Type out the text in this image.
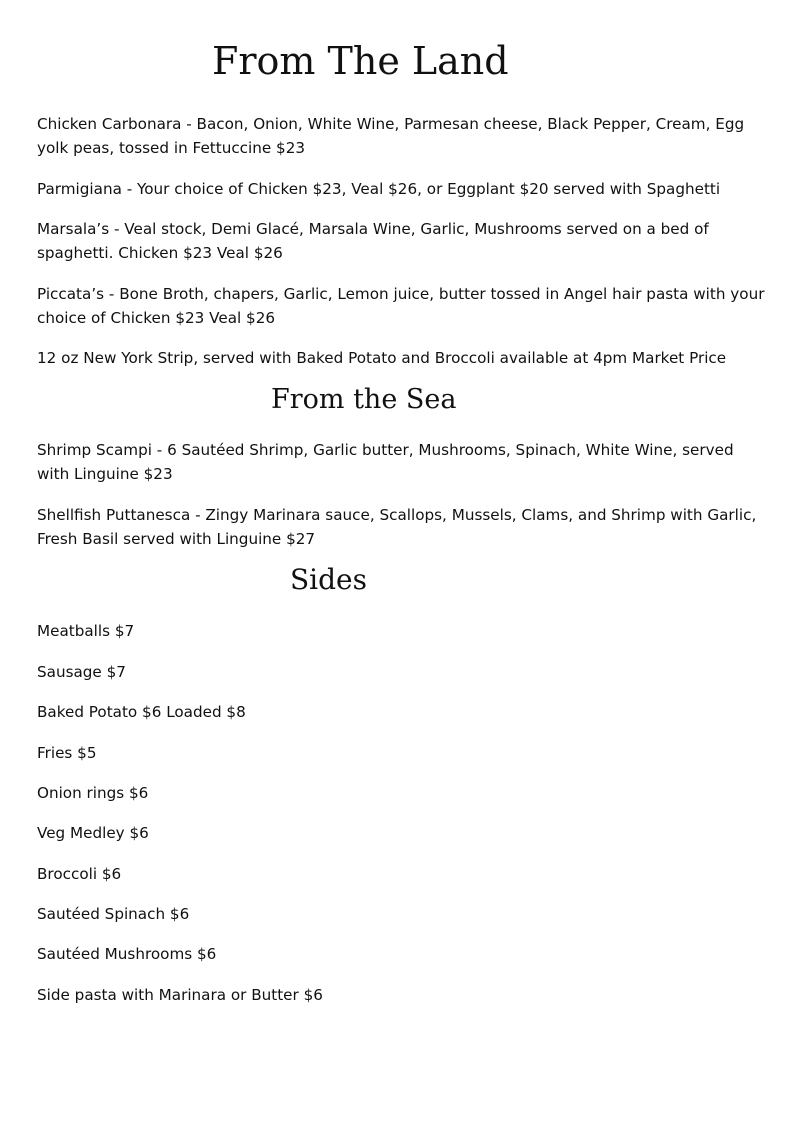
From The Land

Chicken Carbonara - Bacon, Onion, White Wine, Parmesan cheese, Black Pepper, Cream, Egg yolk peas, tossed in Fettuccine $23

Parmigiana - Your choice of Chicken $23, Veal $26, or Eggplant $20 served with Spaghetti

Marsala’s - Veal stock, Demi Glacé, Marsala Wine, Garlic, Mushrooms served on a bed of spaghetti. Chicken $23 Veal $26

Piccata’s - Bone Broth, chapers, Garlic, Lemon juice, butter tossed in Angel hair pasta with your choice of Chicken $23 Veal $26

12 oz New York Strip, served with Baked Potato and Broccoli available at 4pm Market Price

From the Sea

Shrimp Scampi - 6 Sautéed Shrimp, Garlic butter, Mushrooms, Spinach, White Wine, served with Linguine $23

Shellfish Puttanesca - Zingy Marinara sauce, Scallops, Mussels, Clams, and Shrimp with Garlic, Fresh Basil served with Linguine $27

Sides

Meatballs $7

Sausage $7

Baked Potato $6 Loaded $8

Fries $5

Onion rings $6

Veg Medley $6

Broccoli $6

Sautéed Spinach $6

Sautéed Mushrooms $6

Side pasta with Marinara or Butter $6
